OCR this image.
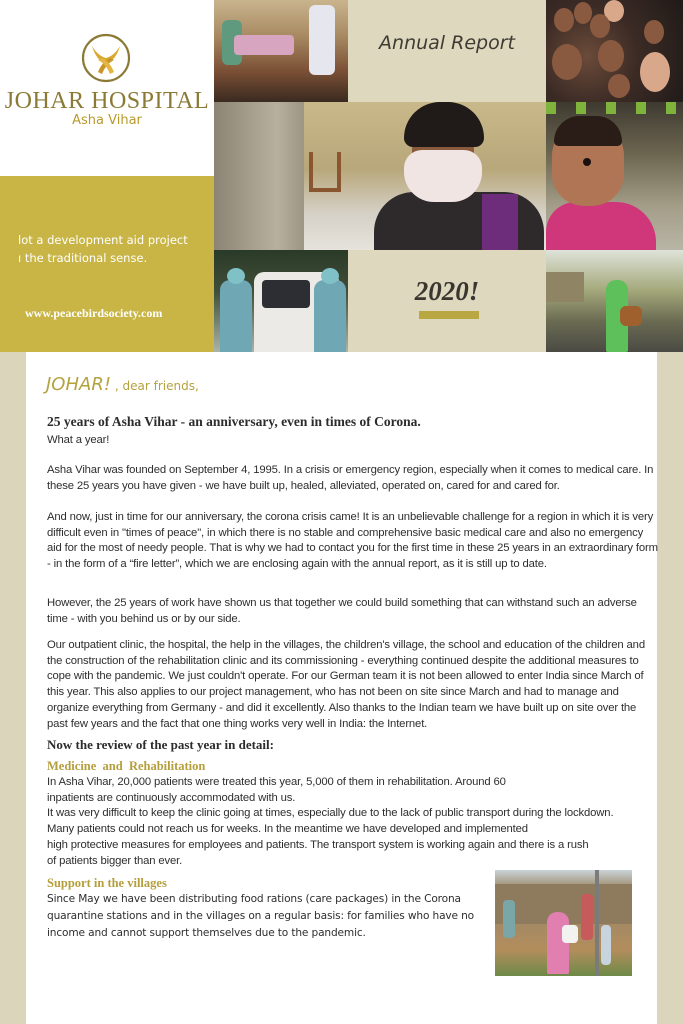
JOHAR HOSPITAL
Asha Vihar
lot a development aid project
ı the traditional sense.
www.peacebirdsociety.com
Annual Report
2020!
JOHAR! , dear friends,
25 years of Asha Vihar - an anniversary, even in times of Corona.
What a year!
Asha Vihar was founded on September 4, 1995. In a crisis or emergency region, especially when it comes to medical care. In these 25 years you have given - we have built up, healed, alleviated, operated on, cared for and cared for.
And now, just in time for our anniversary, the corona crisis came! It is an unbelievable challenge for a region in which it is very difficult even in "times of peace", in which there is no stable and comprehensive basic medical care and also no emergency aid for the most of needy people. That is why we had to contact you for the first time in these 25 years in an extraordinary form - in the form of a “fire letter”, which we are enclosing again with the annual report, as it is still up to date.
However, the 25 years of work have shown us that together we could build something that can withstand such an adverse time - with you behind us or by our side.
Our outpatient clinic, the hospital, the help in the villages, the children's village, the school and education of the children and the construction of the rehabilitation clinic and its commissioning - everything continued despite the additional measures to cope with the pandemic. We just couldn't operate. For our German team it is not been allowed to enter India since March of this year. This also applies to our project management, who has not been on site since March and had to manage and organize everything from Germany - and did it excellently. Also thanks to the Indian team we have built up on site over the past few years and the fact that one thing works very well in India: the Internet.
Now the review of the past year in detail:
Medicine  and  Rehabilitation
In Asha Vihar, 20,000 patients were treated this year, 5,000 of them in rehabilitation. Around 60
inpatients are continuously accommodated with us.
It was very difficult to keep the clinic going at times, especially due to the lack of public transport during the lockdown.
Many patients could not reach us for weeks. In the meantime we have developed and implemented
high protective measures for employees and patients. The transport system is working again and there is a rush
of patients bigger than ever.
Support in the villages
Since May we have been distributing food rations (care packages) in the Corona
quarantine stations and in the villages on a regular basis: for families who have no
income and cannot support themselves due to the pandemic.
